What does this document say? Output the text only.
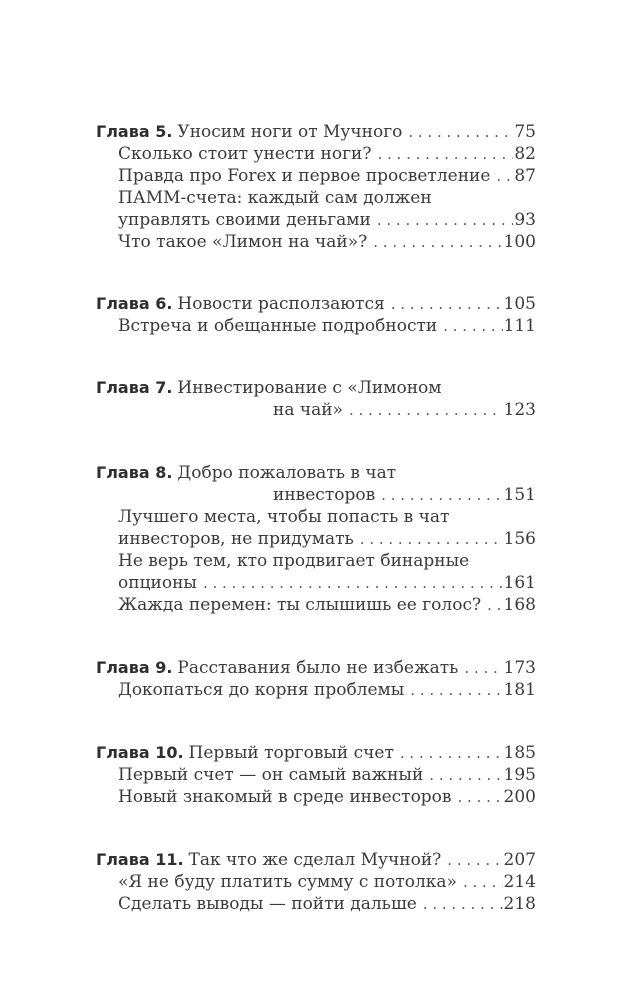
Глава 5. Уносим ноги от Мучного . . .	75
Сколько стоит унести ноги? . . .	82
Правда про Forex и первое просветление . . . 87
ПАММ-счета: каждый сам должен
управлять своими деньгами . . .	93
Что такое «Лимон на чай»? . . .	100
Глава 6. Новости расползаются . . .	105
Встреча и обещанные подробности . . .	111
Глава 7. Инвестирование с «Лимоном
на чай» . . .	123
Глава 8. Добро пожаловать в чат
инвесторов . . .	151
Лучшего места, чтобы попасть в чат
инвесторов, не придумать . . .	156
Не верь тем, кто продвигает бинарные
опционы . . .	161
Жажда перемен: ты слышишь ее голос? . . . 168
Глава 9. Расставания было не избежать . . .	173
Докопаться до корня проблемы . . .	181
Глава 10. Первый торговый счет . . .	185
Первый счет — он самый важный . . .	195
Новый знакомый в среде инвесторов . . .	200
Глава 11. Так что же сделал Мучной? . . .	207
«Я не буду платить сумму с потолка» . . .	214
Сделать выводы — пойти дальше . . .	218
